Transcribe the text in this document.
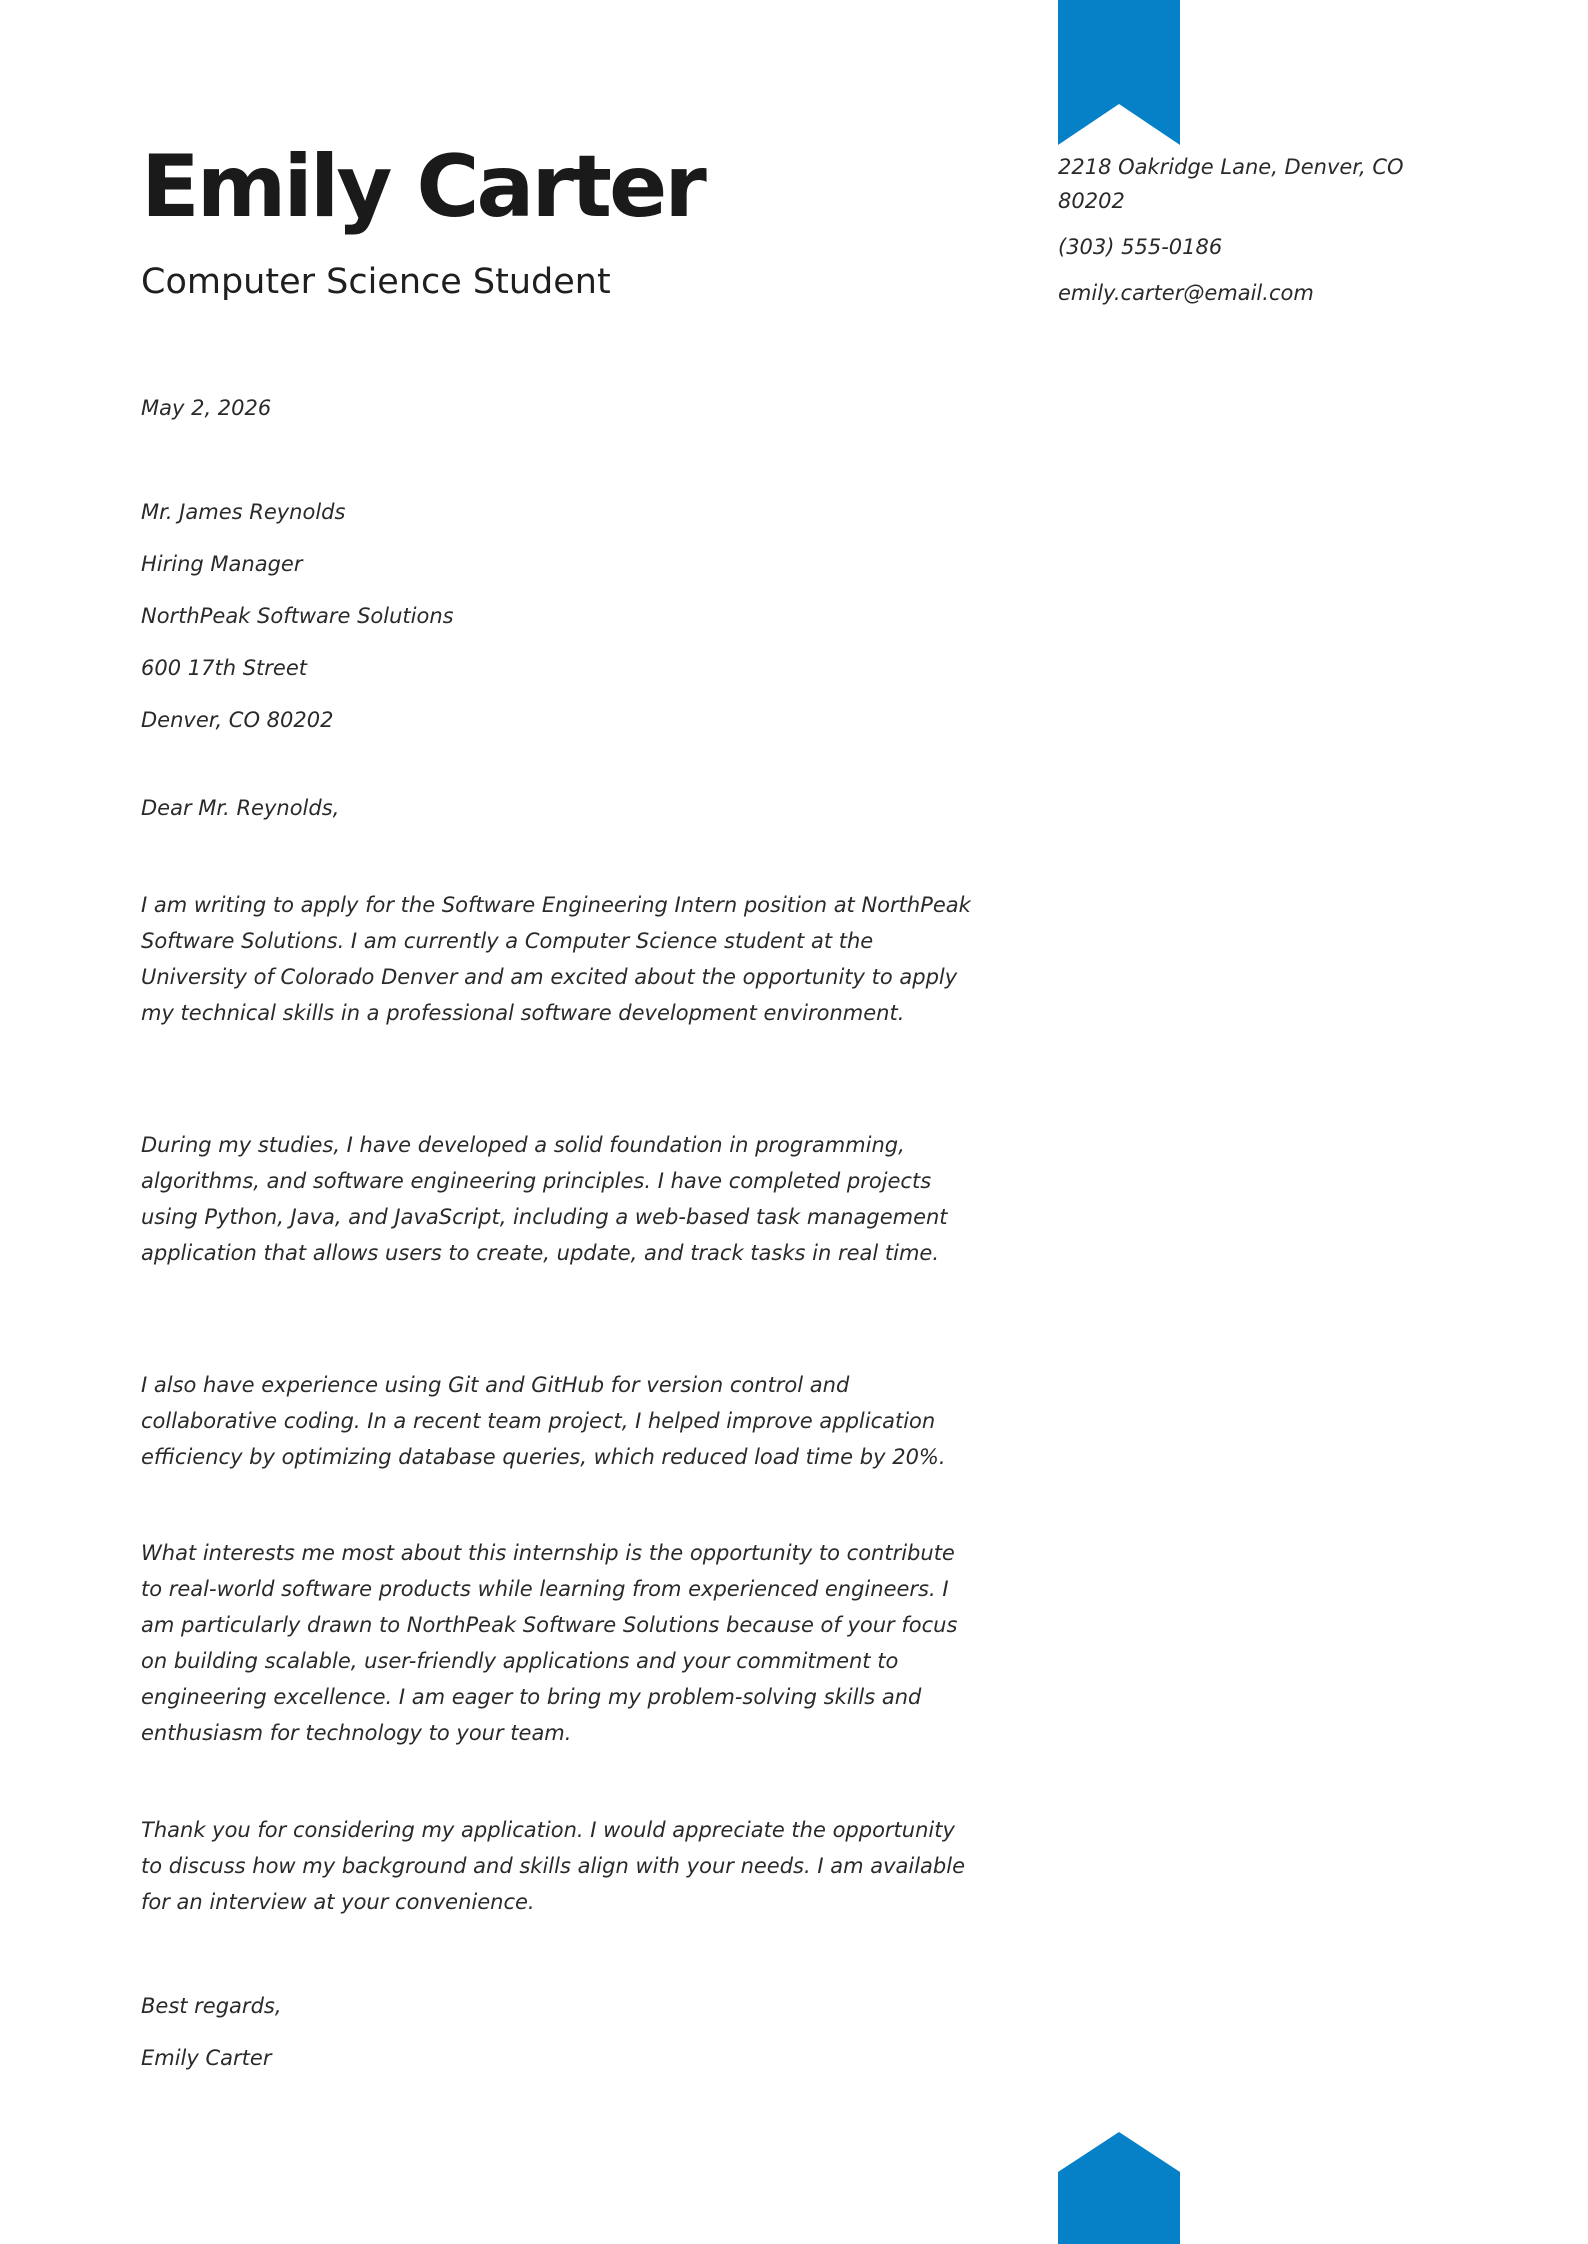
Emily Carter
Computer Science Student
2218 Oakridge Lane, Denver, CO
80202
(303) 555-0186
emily.carter@email.com
May 2, 2026
Mr. James Reynolds
Hiring Manager
NorthPeak Software Solutions
600 17th Street
Denver, CO 80202
Dear Mr. Reynolds,

I am writing to apply for the Software Engineering Intern position at NorthPeak Software Solutions. I am currently a Computer Science student at the University of Colorado Denver and am excited about the opportunity to apply my technical skills in a professional software development environment.

During my studies, I have developed a solid foundation in programming, algorithms, and software engineering principles. I have completed projects using Python, Java, and JavaScript, including a web-based task management application that allows users to create, update, and track tasks in real time.

I also have experience using Git and GitHub for version control and collaborative coding. In a recent team project, I helped improve application efficiency by optimizing database queries, which reduced load time by 20%.

What interests me most about this internship is the opportunity to contribute to real-world software products while learning from experienced engineers. I am particularly drawn to NorthPeak Software Solutions because of your focus on building scalable, user-friendly applications and your commitment to engineering excellence. I am eager to bring my problem-solving skills and enthusiasm for technology to your team.

Thank you for considering my application. I would appreciate the opportunity to discuss how my background and skills align with your needs. I am available for an interview at your convenience.

Best regards,
Emily Carter
